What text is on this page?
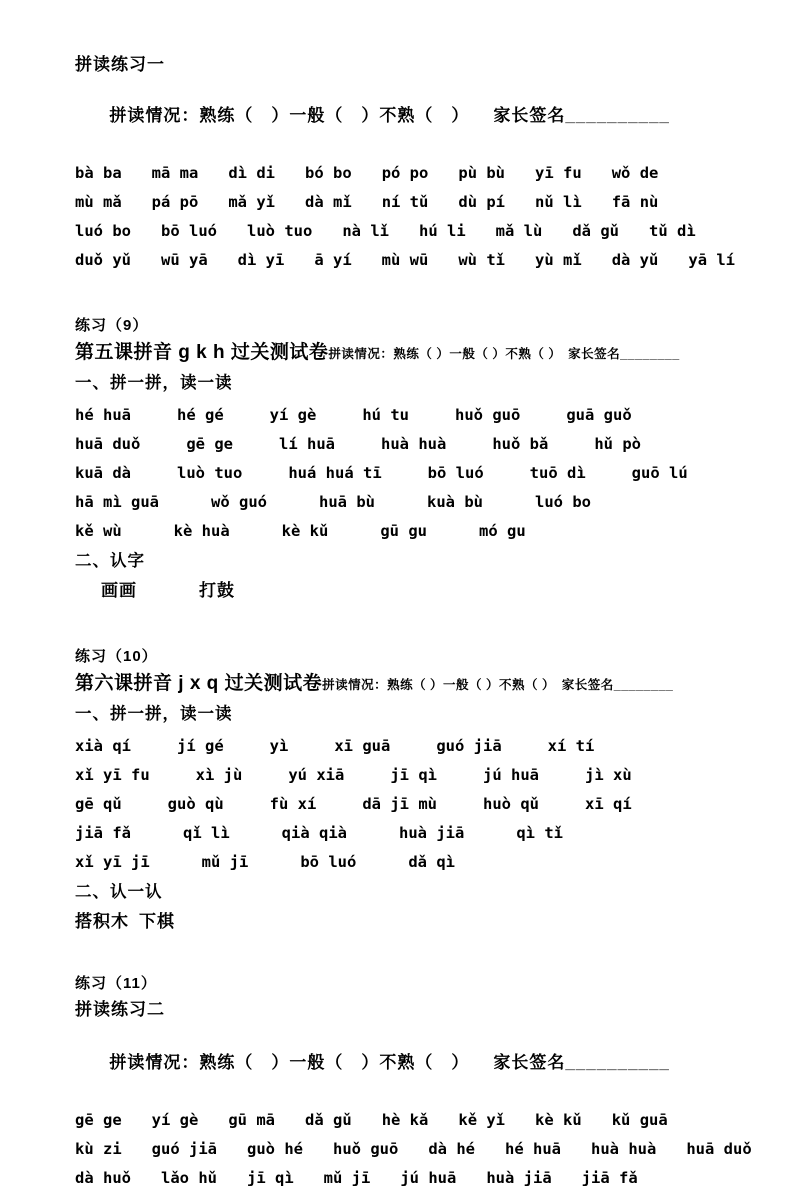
拼读练习一

拼读情况：熟练（　）一般（　）不熟（　） 家长签名__________

bà ba mā ma dì di bó bo pó po pù bù yī fu wǒ de
mù mǎ pá pō mǎ yǐ dà mǐ ní tǔ dù pí nǔ lì fā nù
luó bo bō luó luò tuo nà lǐ hú li mǎ lù dǎ gǔ tǔ dì
duǒ yǔ wū yā dì yī ā yí mù wū wù tǐ yù mǐ dà yǔ yā lí
练习（9）
第五课拼音 g k h 过关测试卷 拼读情况：熟练（ ）一般（ ）不熟（ ）　家长签名________
一、拼一拼，读一读
hé huā	hé gé	yí gè	hú tu	huǒ guō	guā guǒ
huā duǒ	gē ge	lí huā	huà huà	huǒ bǎ	hǔ pò
kuā dà	luò tuo	huá huá tī	bō luó	tuō dì	guō lú
hā mì guā	wǒ guó	huā bù	kuà bù	luó bo
kě wù	kè huà	kè kǔ	gū gu	mó gu
二、认字
画画	打鼓
练习（10）
第六课拼音 j x q 过关测试卷 拼读情况：熟练（ ）一般（ ）不熟（ ）　家长签名________
一、拼一拼，读一读
xià qí	jí gé	yì	xī guā	guó jiā	xí tí
xǐ yī fu	xì jù	yú xiā	jī qì	jú huā	jì xù
gē qǔ	guò qù	fù xí	dā jī mù	huò qǔ	xī qí
jiā fǎ	qǐ lì	qià qià	huà jiā	qì tǐ
xǐ yī jī	mǔ jī	bō luó	dǎ qì
二、认一认
搭积木 下棋
练习（11）
拼读练习二

拼读情况：熟练（　）一般（　）不熟（　） 家长签名__________

gē ge yí gè gū mā dǎ gǔ hè kǎ kě yǐ kè kǔ kǔ guā
kù zi guó jiā guò hé huǒ guō dà hé hé huā huà huà huā duǒ
dà huǒ lǎo hǔ jī qì mǔ jī jú huā huà jiā jiā fǎ
